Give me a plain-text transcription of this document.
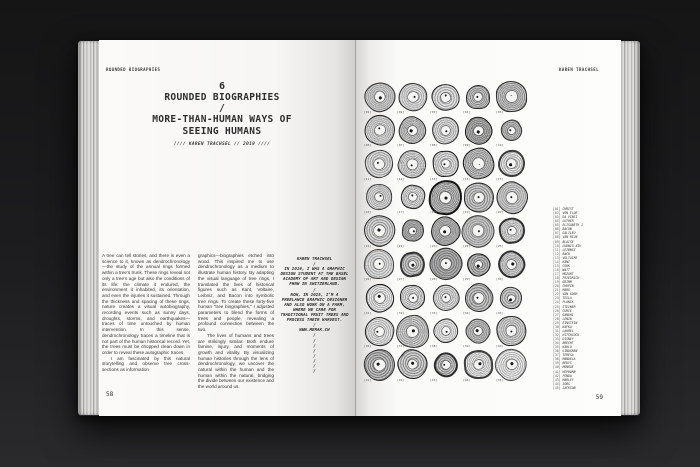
ROUNDED BIOGRAPHIES
6
ROUNDED BIOGRAPHIES
/
MORE-THAN-HUMAN WAYS OF
SEEING HUMANS
//// KAREN TRACHSEL // 2019 ////

A tree can tell stories, and there is even a science to it, known as dendrochronology—the study of the annual rings formed within a tree’s trunk. These rings reveal not only a tree’s age but also the conditions of its life: the climate it endured, the environment it inhabited, its orientation, and even the injuries it sustained. Through the thickness and spacing of these rings, nature creates a visual autobiography, recording events such as sunny days, droughts, storms, and earthquakes—traces of time untouched by human intervention. In this sense, dendrochronology traces a timeline that is not part of the human historical record. Yet, the trees must be chopped clean down in order to reveal these autographic traces.

I am fascinated by this natural storytelling and observe tree cross-sections as information

graphics—biographies etched into wood. This inspired me to use dendrochronology as a medium to illustrate human history. By adapting the visual language of tree rings, I translated the lives of historical figures such as Kant, Voltaire, Leibniz, and Bacon into symbolic tree rings. To create these forty-five human “tree biographies,” I adjusted parameters to blend the forms of trees and people, revealing a profound connection between the two.

The lives of humans and trees are strikingly similar. Both endure famine, injury, and moments of growth and vitality. By visualizing human histories through the lens of dendrochronology, we uncover the natural within the human and the human within the natural, bridging the divide between our existence and the world around us.

KAREN TRACHSEL
/
IN 2019, I WAS A GRAPHIC DESIGN STUDENT AT THE BASEL ACADEMY OF ART AND DESIGN FHNW IN SWITZERLAND.
/
NOW, IN 2025, I’M A FREELANCE GRAPHIC DESIGNER AND ALSO WORK ON A FARM, WHERE WE CARE FOR TRADITIONAL FRUIT TREES AND PROCESS THEIR HARVEST.
/
WWW.MERAK.CH
/
/
/
/
/
/
/
/
58
KAREN TRACHSEL
[01]	[02]	[03]	[04]	[05]
[06]	[07]	[08]	[09]	[10]
[11]	[12]	[13]	[14]	[15]
[16]	[17]	[18]	[19]	[20]
[21]	[22]	[23]	[24]	[25]
[26]	[27]	[28]	[29]	[30]
[31]	[32]	[33]	[34]	[35]
[36]	[37]	[38]	[39]	[40]
[41]	[42]	[43]	[44]	[45]
[01] CHRIST
[02] VON FLUE
[03] DA VINCI
[04] LUTHER
[05] ELISABETH I
[06] BACON
[07] GALILEO
[08] VAN RIJN
[09] BLAISE
[10] LUDWIG XIV
[11] LEIBNIZ
[12] BACH
[13] VOLTAIRE
[14] KANT
[15] COOK
[16] WATT
[17] MOZART
[18] FRIEDRICH
[19] GRIMM
[20] CHOPIN
[21] MARX
[22] VAN GOGH
[23] TESLA
[24] PLANCK
[25] STEINER
[26] CURIE
[27] GANDHI
[28] LENIN
[29] EINSTEIN
[30] KAFKA
[31] LAUREL
[32] HITCHCOCK
[33] DISNEY
[34] BRECHT
[35] KAHLO
[36] LINDGREN
[37] TERESA
[38] MANDELA
[39] BEUYS
[40] MONROE
[41] HEPBURN
[42] FONDA
[43] MARLEY
[44] JOBS
[45] JACKSON
59
